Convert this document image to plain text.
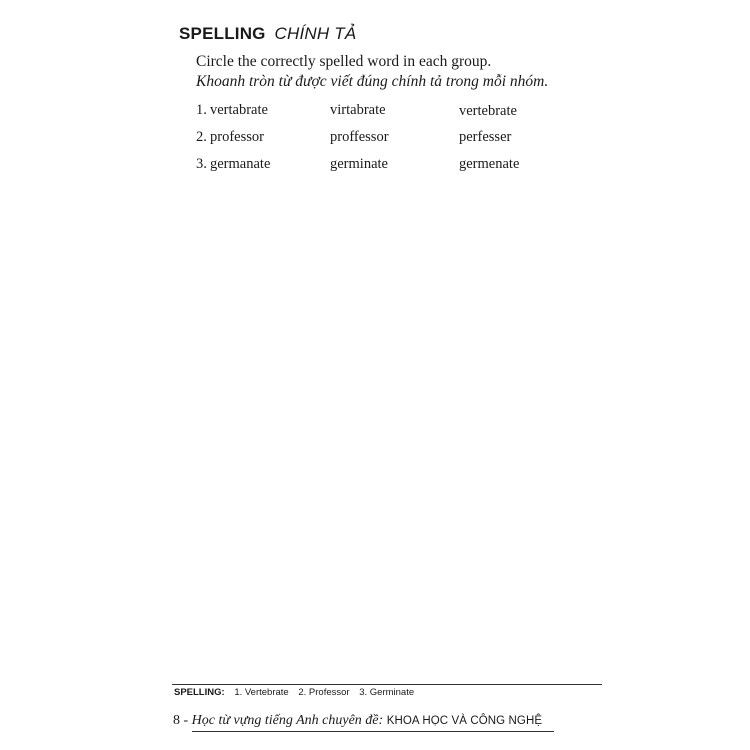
SPELLING CHÍNH TẢ
Circle the correctly spelled word in each group.
Khoanh tròn từ được viết đúng chính tả trong mỗi nhóm.
1. vertabrate	virtabrate	vertebrate
2. professor	proffessor	perfesser
3. germanate	germinate	germenate
SPELLING: 1. Vertebrate 2. Professor 3. Germinate
8 - Học từ vựng tiếng Anh chuyên đề: KHOA HỌC VÀ CÔNG NGHỆ
